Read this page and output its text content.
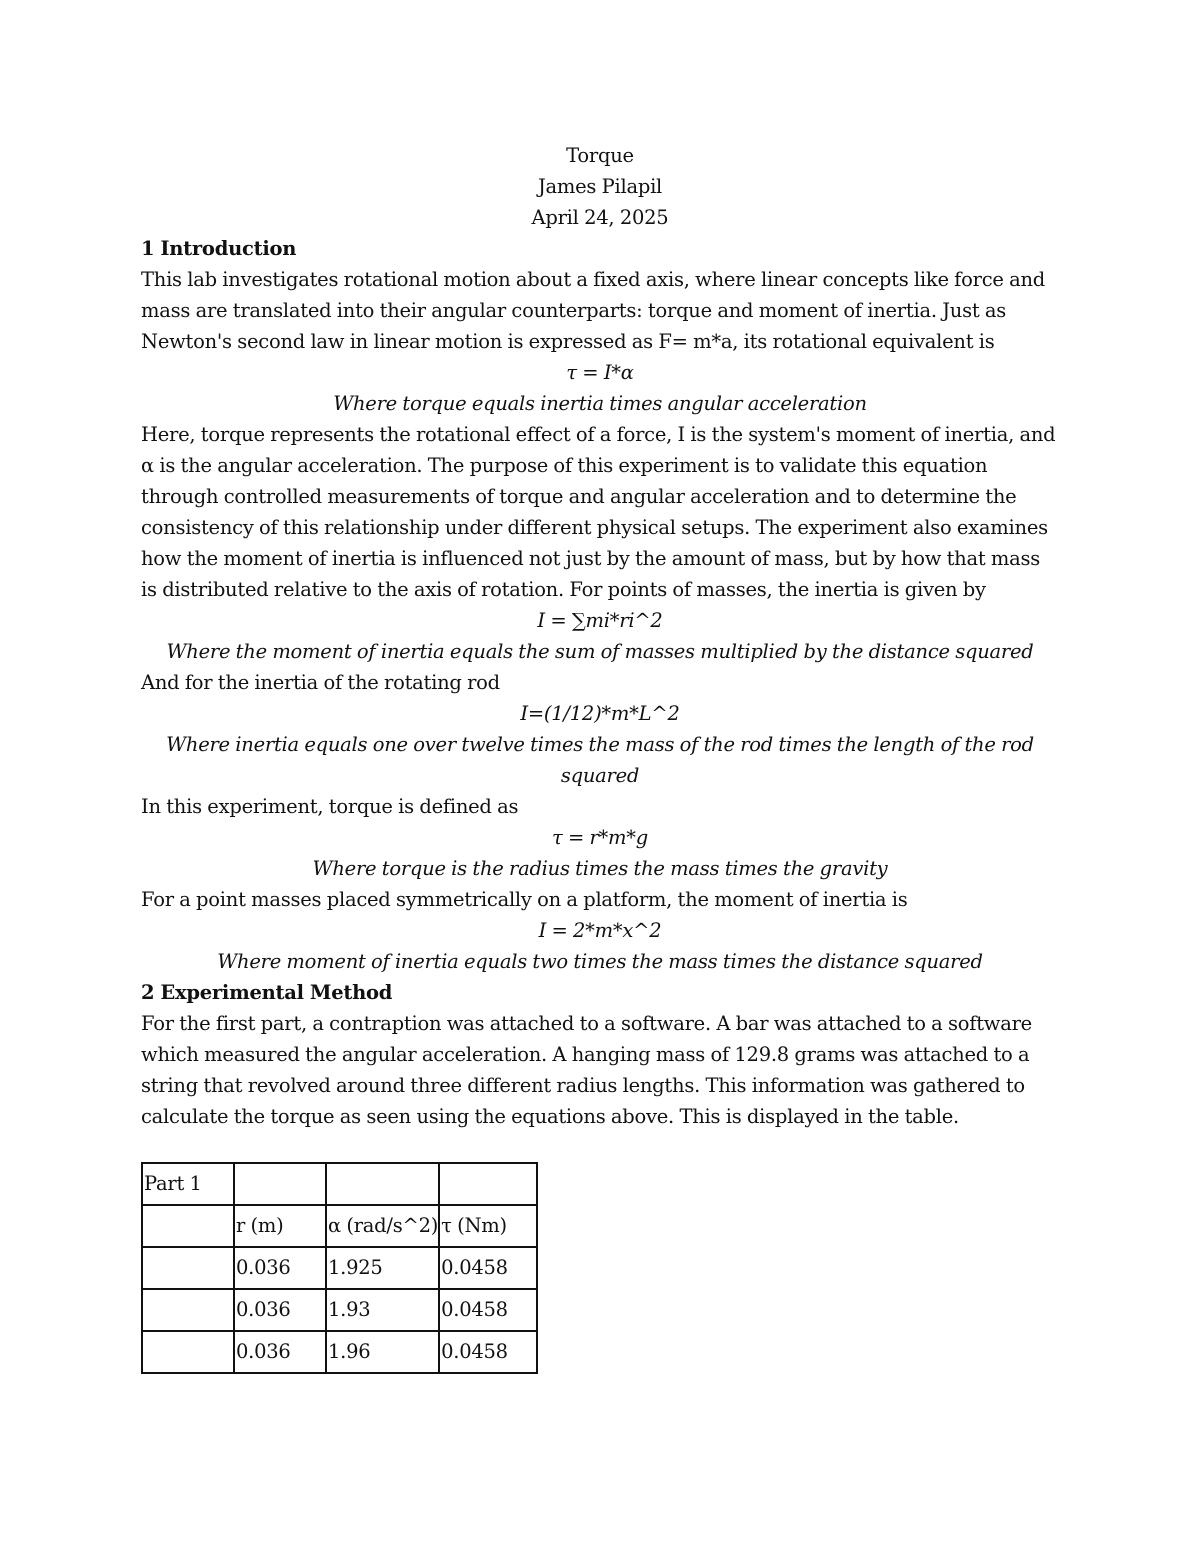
Torque

James Pilapil

April 24, 2025

1 Introduction

This lab investigates rotational motion about a fixed axis, where linear concepts like force and mass are translated into their angular counterparts: torque and moment of inertia. Just as Newton's second law in linear motion is expressed as F= m*a, its rotational equivalent is

τ = I*α

Where torque equals inertia times angular acceleration

Here, torque represents the rotational effect of a force, I is the system's moment of inertia, and α is the angular acceleration. The purpose of this experiment is to validate this equation through controlled measurements of torque and angular acceleration and to determine the consistency of this relationship under different physical setups. The experiment also examines how the moment of inertia is influenced not just by the amount of mass, but by how that mass is distributed relative to the axis of rotation. For points of masses, the inertia is given by

I = ∑mi*ri^2

Where the moment of inertia equals the sum of masses multiplied by the distance squared

And for the inertia of the rotating rod

I=(1/12)*m*L^2

Where inertia equals one over twelve times the mass of the rod times the length of the rod squared

In this experiment, torque is defined as

τ = r*m*g

Where torque is the radius times the mass times the gravity

For a point masses placed symmetrically on a platform, the moment of inertia is

I = 2*m*x^2

Where moment of inertia equals two times the mass times the distance squared

2 Experimental Method

For the first part, a contraption was attached to a software. A bar was attached to a software which measured the angular acceleration. A hanging mass of 129.8 grams was attached to a string that revolved around three different radius lengths. This information was gathered to calculate the torque as seen using the equations above. This is displayed in the table.

Part 1			
	r (m)	α (rad/s^2)	τ (Nm)
	0.036	1.925	0.0458
	0.036	1.93	0.0458
	0.036	1.96	0.0458
